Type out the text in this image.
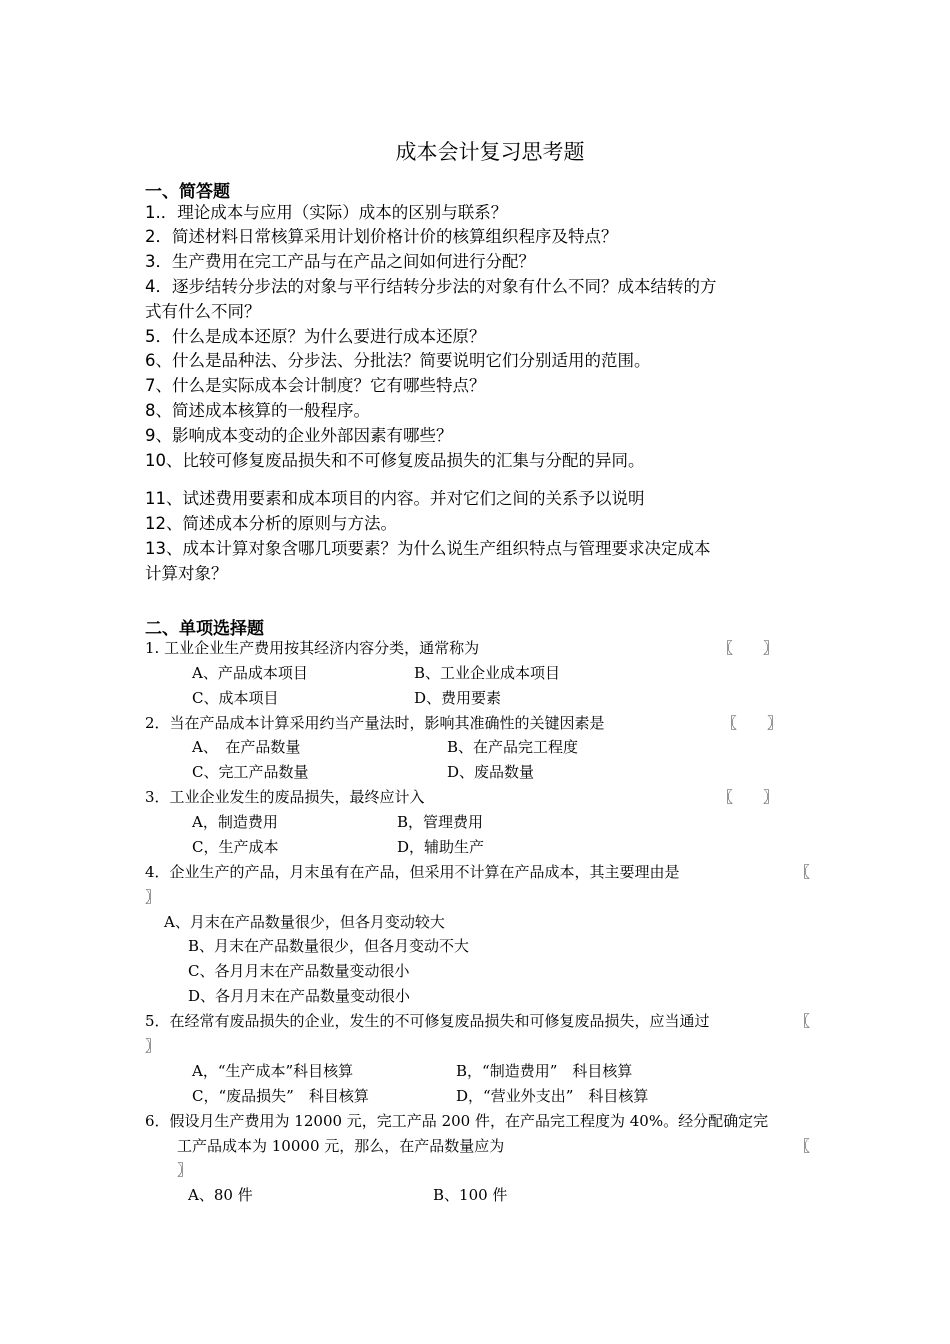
成本会计复习思考题
一、简答题
1.．理论成本与应用（实际）成本的区别与联系？
2．简述材料日常核算采用计划价格计价的核算组织程序及特点？
3．生产费用在完工产品与在产品之间如何进行分配？
4．逐步结转分步法的对象与平行结转分步法的对象有什么不同？成本结转的方
式有什么不同？
5．什么是成本还原？为什么要进行成本还原？
6、什么是品种法、分步法、分批法？简要说明它们分别适用的范围。
7、什么是实际成本会计制度？它有哪些特点？
8、简述成本核算的一般程序。
9、影响成本变动的企业外部因素有哪些？
10、比较可修复废品损失和不可修复废品损失的汇集与分配的异同。
11、试述费用要素和成本项目的内容。并对它们之间的关系予以说明
12、简述成本分析的原则与方法。
13、成本计算对象含哪几项要素？为什么说生产组织特点与管理要求决定成本
计算对象？
二、单项选择题
1. 工业企业生产费用按其经济内容分类，通常称为	〖　　〗
A、产品成本项目	B、工业企业成本项目
C、成本项目	D、费用要素
2．当在产品成本计算采用约当产量法时，影响其准确性的关键因素是	〖　　〗
A、　在产品数量	B、在产品完工程度
C、完工产品数量	D、废品数量
3．工业企业发生的废品损失，最终应计入	〖　　〗
A，制造费用	B，管理费用
C，生产成本	D，辅助生产
4．企业生产的产品，月末虽有在产品，但采用不计算在产品成本，其主要理由是	〖
〗
A、月末在产品数量很少，但各月变动较大
B、月末在产品数量很少，但各月变动不大
C、各月月末在产品数量变动很小
D、各月月末在产品数量变动很小
5．在经常有废品损失的企业，发生的不可修复废品损失和可修复废品损失，应当通过	〖
〗
A，“生产成本”科目核算	B，“制造费用”　科目核算
C，“废品损失”　科目核算	D，“营业外支出”　科目核算
6．假设月生产费用为 12000 元，完工产品 200 件，在产品完工程度为 40%。经分配确定完
工产品成本为 10000 元，那么，在产品数量应为	〖
〗
A、80 件	B、100 件
